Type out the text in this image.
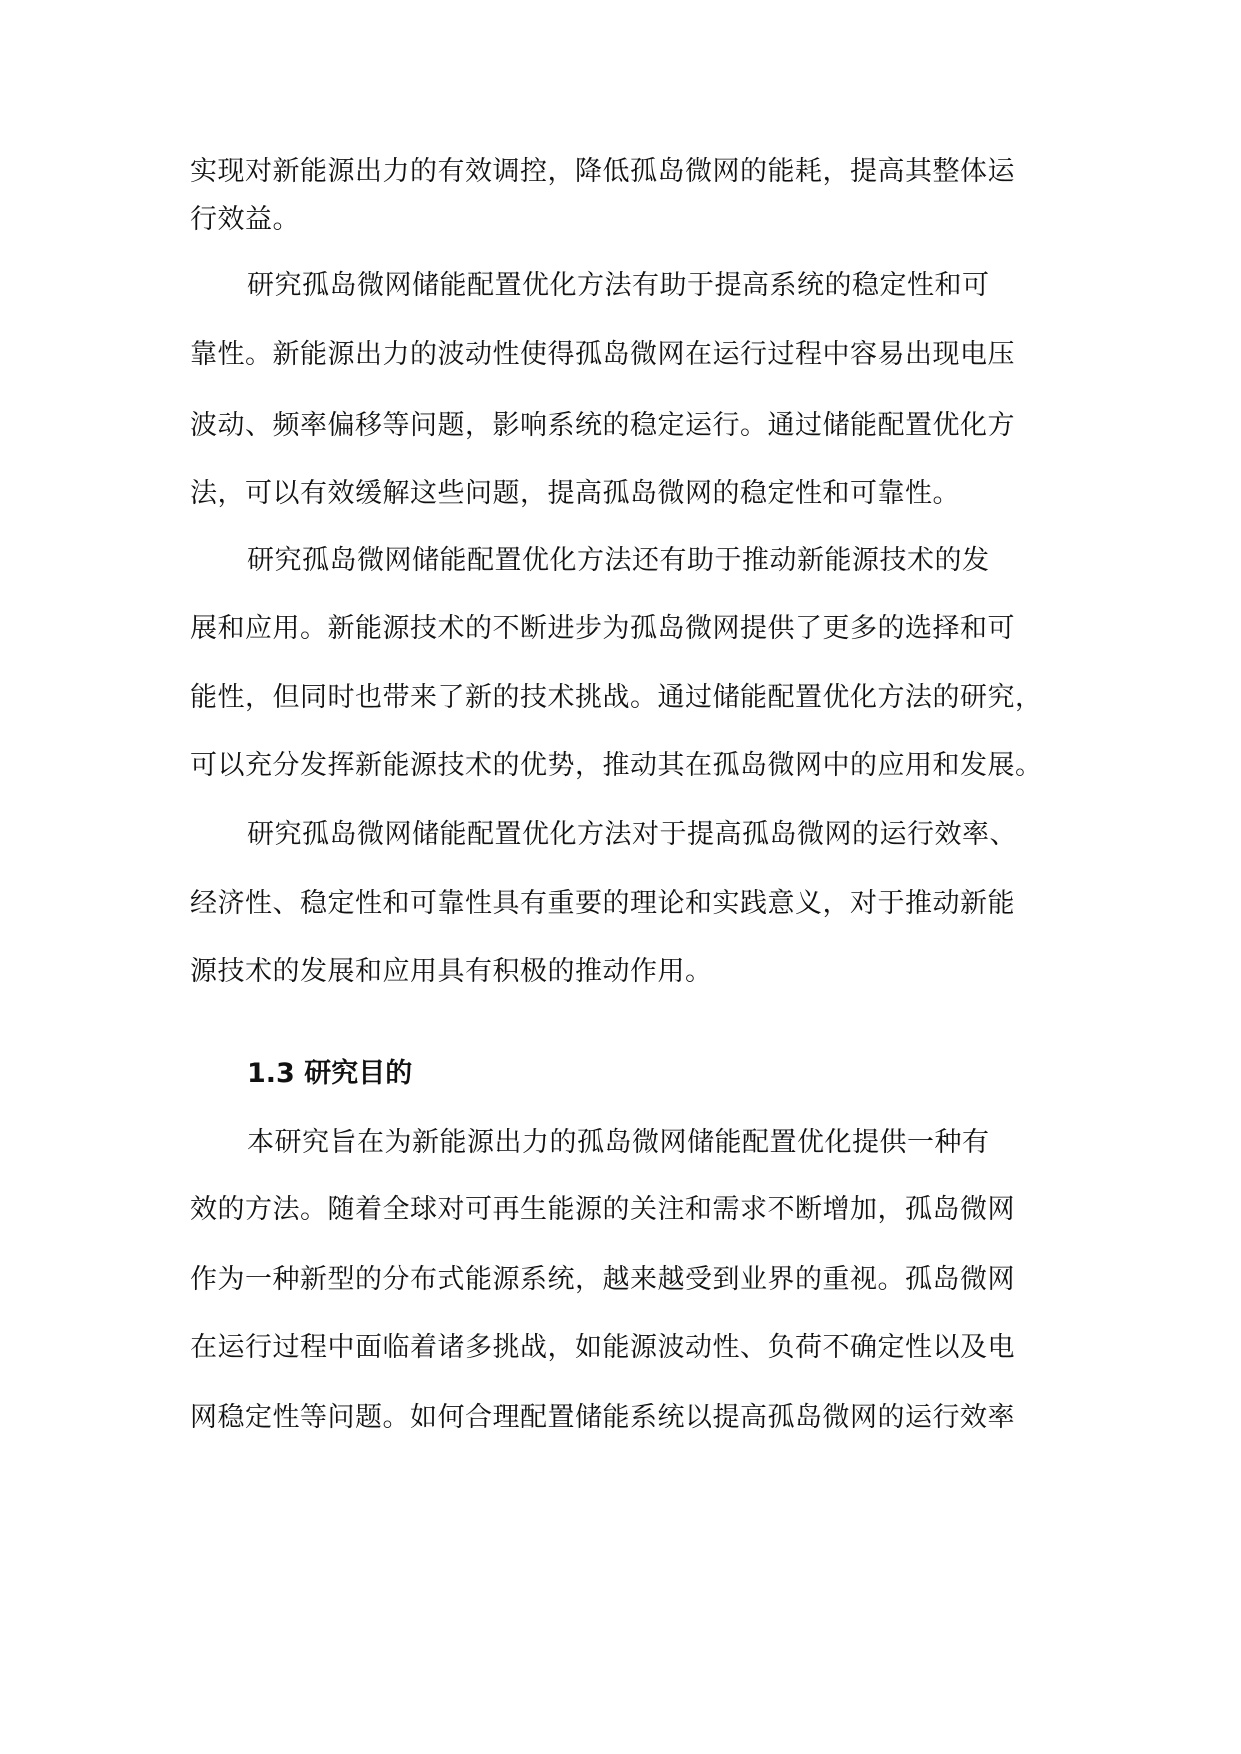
实现对新能源出力的有效调控，降低孤岛微网的能耗，提高其整体运
行效益。
研究孤岛微网储能配置优化方法有助于提高系统的稳定性和可
靠性。新能源出力的波动性使得孤岛微网在运行过程中容易出现电压
波动、频率偏移等问题，影响系统的稳定运行。通过储能配置优化方
法，可以有效缓解这些问题，提高孤岛微网的稳定性和可靠性。
研究孤岛微网储能配置优化方法还有助于推动新能源技术的发
展和应用。新能源技术的不断进步为孤岛微网提供了更多的选择和可
能性，但同时也带来了新的技术挑战。通过储能配置优化方法的研究，
可以充分发挥新能源技术的优势，推动其在孤岛微网中的应用和发展。
研究孤岛微网储能配置优化方法对于提高孤岛微网的运行效率、
经济性、稳定性和可靠性具有重要的理论和实践意义，对于推动新能
源技术的发展和应用具有积极的推动作用。
1.3 研究目的
本研究旨在为新能源出力的孤岛微网储能配置优化提供一种有
效的方法。随着全球对可再生能源的关注和需求不断增加，孤岛微网
作为一种新型的分布式能源系统，越来越受到业界的重视。孤岛微网
在运行过程中面临着诸多挑战，如能源波动性、负荷不确定性以及电
网稳定性等问题。如何合理配置储能系统以提高孤岛微网的运行效率
